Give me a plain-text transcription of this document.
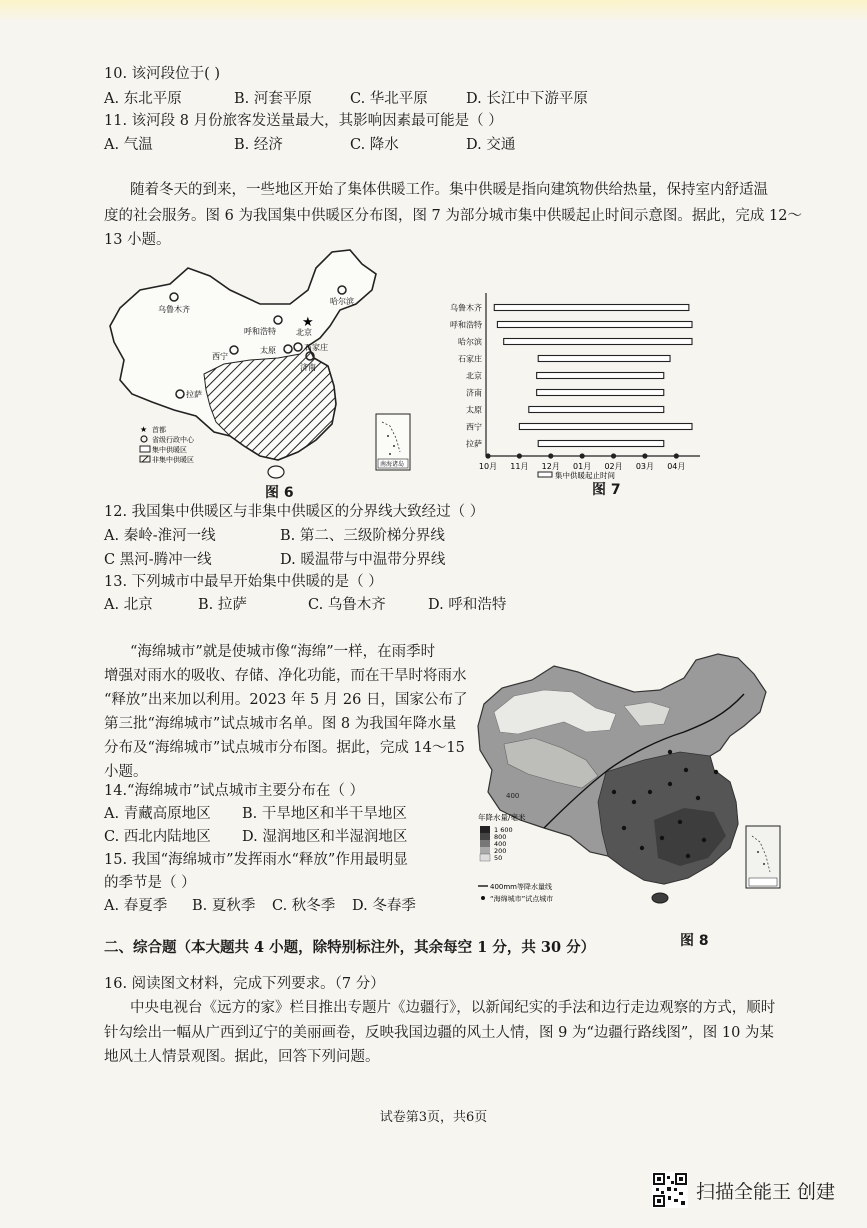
10. 该河段位于( )
A. 东北平原	B. 河套平原	C. 华北平原	D. 长江中下游平原
11. 该河段 8 月份旅客发送量最大，其影响因素最可能是（ ）
A. 气温	B. 经济	C. 降水	D. 交通
随着冬天的到来，一些地区开始了集体供暖工作。集中供暖是指向建筑物供给热量，保持室内舒适温
度的社会服务。图 6 为我国集中供暖区分布图，图 7 为部分城市集中供暖起止时间示意图。据此，完成 12～
13 小题。
乌鲁木齐
哈尔滨
呼和浩特
★
北京
太原	石家庄
西宁
济南
拉萨
★ 首都
省级行政中心
集中供暖区
非集中供暖区
南海诸岛
图 6
乌鲁木齐
呼和浩特
哈尔滨
石家庄
北京
济南
太原
西宁
拉萨
10月 11月 12月 01月 02月 03月 04月
集中供暖起止时间
图 7
12. 我国集中供暖区与非集中供暖区的分界线大致经过（ ）
A. 秦岭-淮河一线	B. 第二、三级阶梯分界线
C 黑河-腾冲一线	D. 暖温带与中温带分界线
13. 下列城市中最早开始集中供暖的是（ ）
A. 北京	B. 拉萨	C. 乌鲁木齐	D. 呼和浩特
“海绵城市”就是使城市像“海绵”一样，在雨季时
增强对雨水的吸收、存储、净化功能，而在干旱时将雨水
“释放”出来加以利用。2023 年 5 月 26 日，国家公布了
第三批“海绵城市”试点城市名单。图 8 为我国年降水量
分布及“海绵城市”试点城市分布图。据此，完成 14～15
小题。
14.“海绵城市”试点城市主要分布在（ ）
A. 青藏高原地区 B. 干旱地区和半干旱地区
C. 西北内陆地区 D. 湿润地区和半湿润地区
15. 我国“海绵城市”发挥雨水“释放”作用最明显
的季节是（ ）
A. 春夏季 B. 夏秋季 C. 秋冬季 D. 冬春季
400
年降水量/毫米
1 600
800
400
200
50
400mm等降水量线
“海绵城市”试点城市
图 8
二、综合题（本大题共 4 小题，除特别标注外，其余每空 1 分，共 30 分）
16. 阅读图文材料，完成下列要求。（7 分）
中央电视台《远方的家》栏目推出专题片《边疆行》，以新闻纪实的手法和边行走边观察的方式，顺时
针勾绘出一幅从广西到辽宁的美丽画卷，反映我国边疆的风土人情，图 9 为“边疆行路线图”，图 10 为某
地风土人情景观图。据此，回答下列问题。
试卷第3页，共6页
扫描全能王 创建
